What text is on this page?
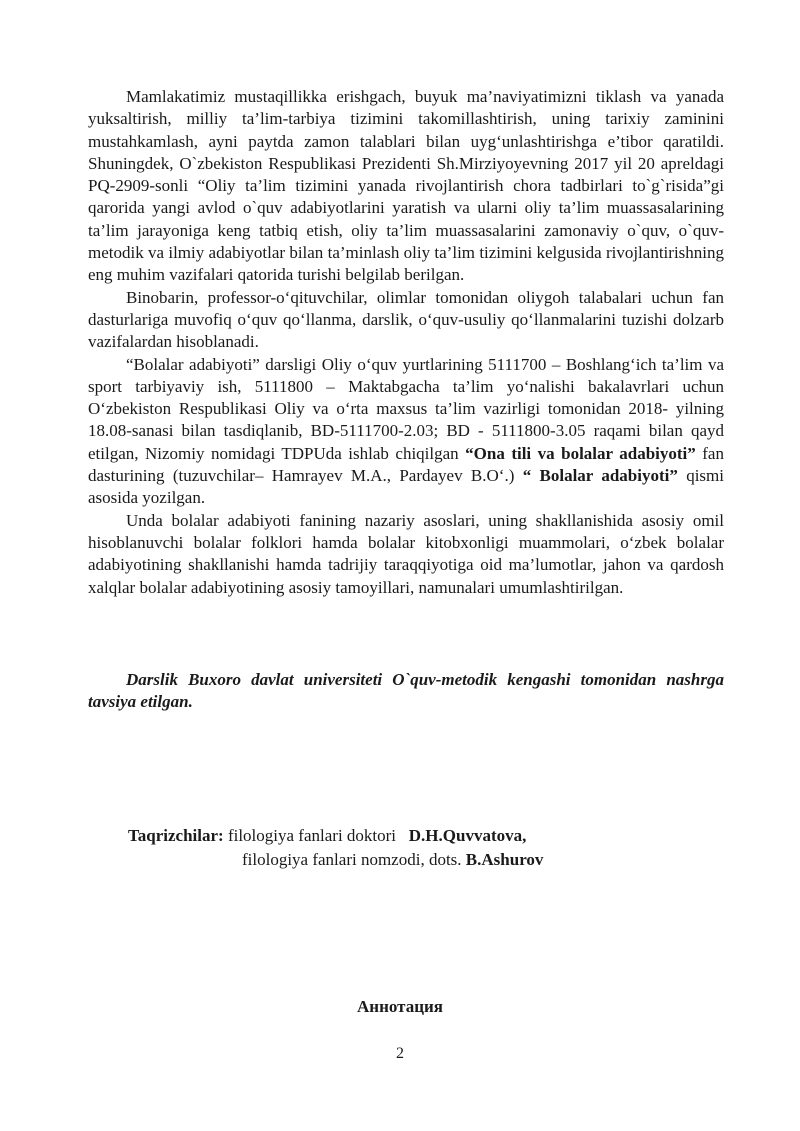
Mamlakatimiz mustaqillikka erishgach, buyuk ma’naviyatimizni tiklash va yanada yuksaltirish, milliy ta’lim-tarbiya tizimini takomillashtirish, uning tarixiy zaminini mustahkamlash, ayni paytda zamon talablari bilan uyg‘unlashtirishga e’tibor qaratildi. Shuningdek, O`zbekiston Respublikasi Prezidenti Sh.Mirziyoyevning 2017 yil 20 apreldagi PQ-2909-sonli “Oliy ta’lim tizimini yanada rivojlantirish chora tadbirlari to`g`risida”gi qarorida yangi avlod o`quv adabiyotlarini yaratish va ularni oliy ta’lim muassasalarining ta’lim jarayoniga keng tatbiq etish, oliy ta’lim muassasalarini zamonaviy o`quv, o`quv-metodik va ilmiy adabiyotlar bilan ta’minlash oliy ta’lim tizimini kelgusida rivojlantirishning eng muhim vazifalari qatorida turishi belgilab berilgan.

Binobarin, professor-o‘qituvchilar, olimlar tomonidan oliygoh talabalari uchun fan dasturlariga muvofiq o‘quv qo‘llanma, darslik, o‘quv-usuliy qo‘llanmalarini tuzishi dolzarb vazifalardan hisoblanadi.

“Bolalar adabiyoti” darsligi Oliy o‘quv yurtlarining 5111700 – Boshlang‘ich ta’lim va sport tarbiyaviy ish, 5111800 – Maktabgacha ta’lim yo‘nalishi bakalavrlari uchun O‘zbekiston Respublikasi Oliy va o‘rta maxsus ta’lim vazirligi tomonidan 2018- yilning 18.08-sanasi bilan tasdiqlanib, BD-5111700-2.03; BD - 5111800-3.05 raqami bilan qayd etilgan, Nizomiy nomidagi TDPUda ishlab chiqilgan “Ona tili va bolalar adabiyoti” fan dasturining (tuzuvchilar– Hamrayev M.A., Pardayev B.O‘.) “ Bolalar adabiyoti” qismi asosida yozilgan.

Unda bolalar adabiyoti fanining nazariy asoslari, uning shakllanishida asosiy omil hisoblanuvchi bolalar folklori hamda bolalar kitobxonligi muammolari, o‘zbek bolalar adabiyotining shakllanishi hamda tadrijiy taraqqiyotiga oid ma’lumotlar, jahon va qardosh xalqlar bolalar adabiyotining asosiy tamoyillari, namunalari umumlashtirilgan.

Darslik Buxoro davlat universiteti O`quv-metodik kengashi tomonidan nashrga tavsiya etilgan.

Taqrizchilar: filologiya fanlari doktori   D.H.Quvvatova,
filologiya fanlari nomzodi, dots. B.Ashurov

Аннотация

2
